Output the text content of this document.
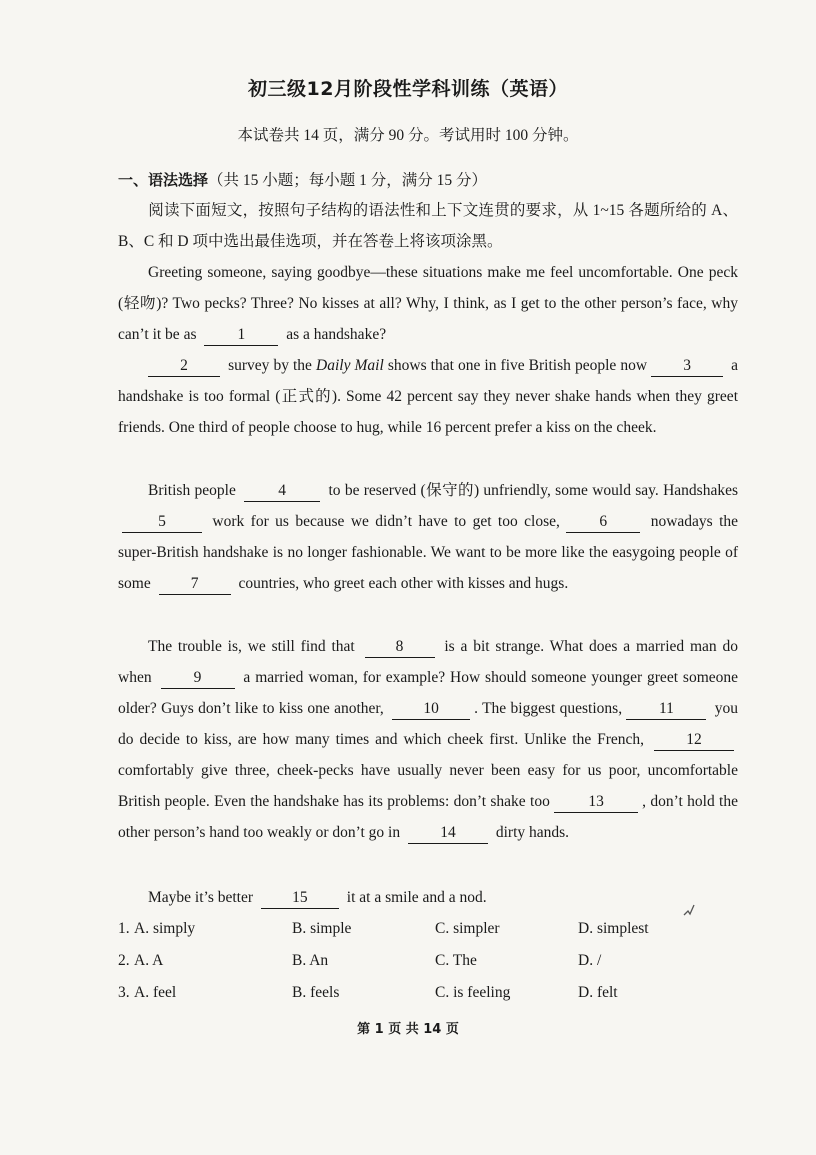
初三级12月阶段性学科训练（英语）
本试卷共 14 页，满分 90 分。考试用时 100 分钟。
一、语法选择（共 15 小题；每小题 1 分，满分 15 分）
阅读下面短文，按照句子结构的语法性和上下文连贯的要求，从 1~15 各题所给的 A、B、C 和 D 项中选出最佳选项，并在答卷上将该项涂黑。
Greeting someone, saying goodbye—these situations make me feel uncomfortable. One peck (轻吻)? Two pecks? Three? No kisses at all? Why, I think, as I get to the other person’s face, why can’t it be as	1	as a handshake?
2	survey by the Daily Mail shows that one in five British people now 3	a handshake is too formal (正式的). Some 42 percent say they never shake hands when they greet friends. One third of people choose to hug, while 16 percent prefer a kiss on the cheek.
British people	4	to be reserved (保守的) unfriendly, some would say. Handshakes 5	work for us because we didn’t have to get too close,	6	nowadays the super-British handshake is no longer fashionable. We want to be more like the easygoing people of some	7	countries, who greet each other with kisses and hugs.
The trouble is, we still find that	8	is a bit strange. What does a married man do when	9	a married woman, for example? How should someone younger greet someone older? Guys don’t like to kiss one another,	10 . The biggest questions, 11	you do decide to kiss, are how many times and which cheek first. Unlike the French,	12 comfortably give three, cheek-pecks have usually never been easy for us poor, uncomfortable British people. Even the handshake has its problems: don’t shake too 13 , don’t hold the other person’s hand too weakly or don’t go in	14	dirty hands.
Maybe it’s better	15	it at a smile and a nod.
1. A. simply	B. simple	C. simpler	D. simplest
2. A. A	B. An	C. The	D. /
3. A. feel	B. feels	C. is feeling	D. felt
第 1 页 共 14 页
